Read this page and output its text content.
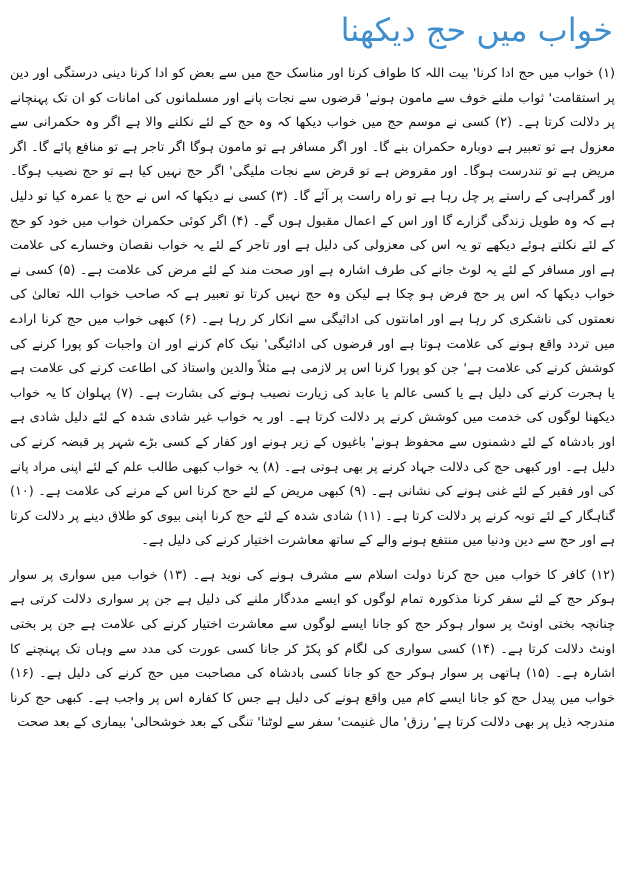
خواب میں حج دیکھنا

(۱) خواب میں حج ادا کرنا' بیت اللہ کا طواف کرنا اور مناسک حج میں سے بعض کو ادا کرنا دینی درستگی اور دین پر استقامت' ثواب ملنے خوف سے مامون ہونے' قرضوں سے نجات پانے اور مسلمانوں کی امانات کو ان تک پہنچانے پر دلالت کرتا ہے۔ (۲) کسی نے موسم حج میں خواب دیکھا کہ وہ حج کے لئے نکلنے والا ہے اگر وہ حکمرانی سے معزول ہے تو تعبیر ہے دوبارہ حکمران بنے گا۔ اور اگر مسافر ہے تو مامون ہوگا اگر تاجر ہے تو منافع پائے گا۔ اگر مریض ہے تو تندرست ہوگا۔ اور مقروض ہے تو قرض سے نجات ملیگی' اگر حج نہیں کیا ہے تو حج نصیب ہوگا۔ اور گمراہی کے راستے پر چل رہا ہے تو راہ راست پر آئے گا۔ (۳) کسی نے دیکھا کہ اس نے حج یا عمرہ کیا تو دلیل ہے کہ وہ طویل زندگی گزارے گا اور اس کے اعمال مقبول ہوں گے۔ (۴) اگر کوئی حکمران خواب میں خود کو حج کے لئے نکلتے ہوئے دیکھے تو یہ اس کی معزولی کی دلیل ہے اور تاجر کے لئے یہ خواب نقصان وخسارے کی علامت ہے اور مسافر کے لئے یہ لوٹ جانے کی طرف اشارہ ہے اور صحت مند کے لئے مرض کی علامت ہے۔ (۵) کسی نے خواب دیکھا کہ اس پر حج فرض ہو چکا ہے لیکن وہ حج نہیں کرتا تو تعبیر ہے کہ صاحب خواب اللہ تعالیٰ کی نعمتوں کی ناشکری کر رہا ہے اور امانتوں کی ادائیگی سے انکار کر رہا ہے۔ (۶) کبھی خواب میں حج کرنا ارادے میں تردد واقع ہونے کی علامت ہوتا ہے اور قرضوں کی ادائیگی' نیک کام کرنے اور ان واجبات کو پورا کرنے کی کوشش کرنے کی علامت ہے' جن کو پورا کرنا اس پر لازمی ہے مثلاً والدین واستاذ کی اطاعت کرنے کی علامت ہے یا ہجرت کرنے کی دلیل ہے یا کسی عالم یا عابد کی زیارت نصیب ہونے کی بشارت ہے۔ (۷) پہلوان کا یہ خواب دیکھنا لوگوں کی خدمت میں کوشش کرنے پر دلالت کرتا ہے۔ اور یہ خواب غیر شادی شدہ کے لئے دلیل شادی ہے اور بادشاہ کے لئے دشمنوں سے محفوظ ہونے' باغیوں کے زیر ہونے اور کفار کے کسی بڑے شہر پر قبضہ کرنے کی دلیل ہے۔ اور کبھی حج کی دلالت جہاد کرنے پر بھی ہوتی ہے۔ (۸) یہ خواب کبھی طالب علم کے لئے اپنی مراد پانے کی اور فقیر کے لئے غنی ہونے کی نشانی ہے۔ (۹) کبھی مریض کے لئے حج کرنا اس کے مرنے کی علامت ہے۔ (۱۰) گناہگار کے لئے توبہ کرنے پر دلالت کرتا ہے۔ (۱۱) شادی شدہ کے لئے حج کرنا اپنی بیوی کو طلاق دینے پر دلالت کرتا ہے اور حج سے دین ودنیا میں منتفع ہونے والے کے ساتھ معاشرت اختیار کرنے کی دلیل ہے۔

(۱۲) کافر کا خواب میں حج کرنا دولت اسلام سے مشرف ہونے کی نوید ہے۔ (۱۳) خواب میں سواری پر سوار ہوکر حج کے لئے سفر کرنا مذکورہ تمام لوگوں کو ایسے مددگار ملنے کی دلیل ہے جن پر سواری دلالت کرتی ہے چنانچہ بختی اونٹ پر سوار ہوکر حج کو جانا ایسے لوگوں سے معاشرت اختیار کرنے کی علامت ہے جن پر بختی اونٹ دلالت کرتا ہے۔ (۱۴) کسی سواری کی لگام کو پکڑ کر جانا کسی عورت کی مدد سے وہاں تک پہنچنے کا اشارہ ہے۔ (۱۵) ہاتھی پر سوار ہوکر حج کو جانا کسی بادشاہ کی مصاحبت میں حج کرنے کی دلیل ہے۔ (۱۶) خواب میں پیدل حج کو جانا ایسے کام میں واقع ہونے کی دلیل ہے جس کا کفارہ اس پر واجب ہے۔ کبھی حج کرنا مندرجہ ذیل پر بھی دلالت کرتا ہے' رزق' مال غنیمت' سفر سے لوٹنا' تنگی کے بعد خوشحالی' بیماری کے بعد صحت
